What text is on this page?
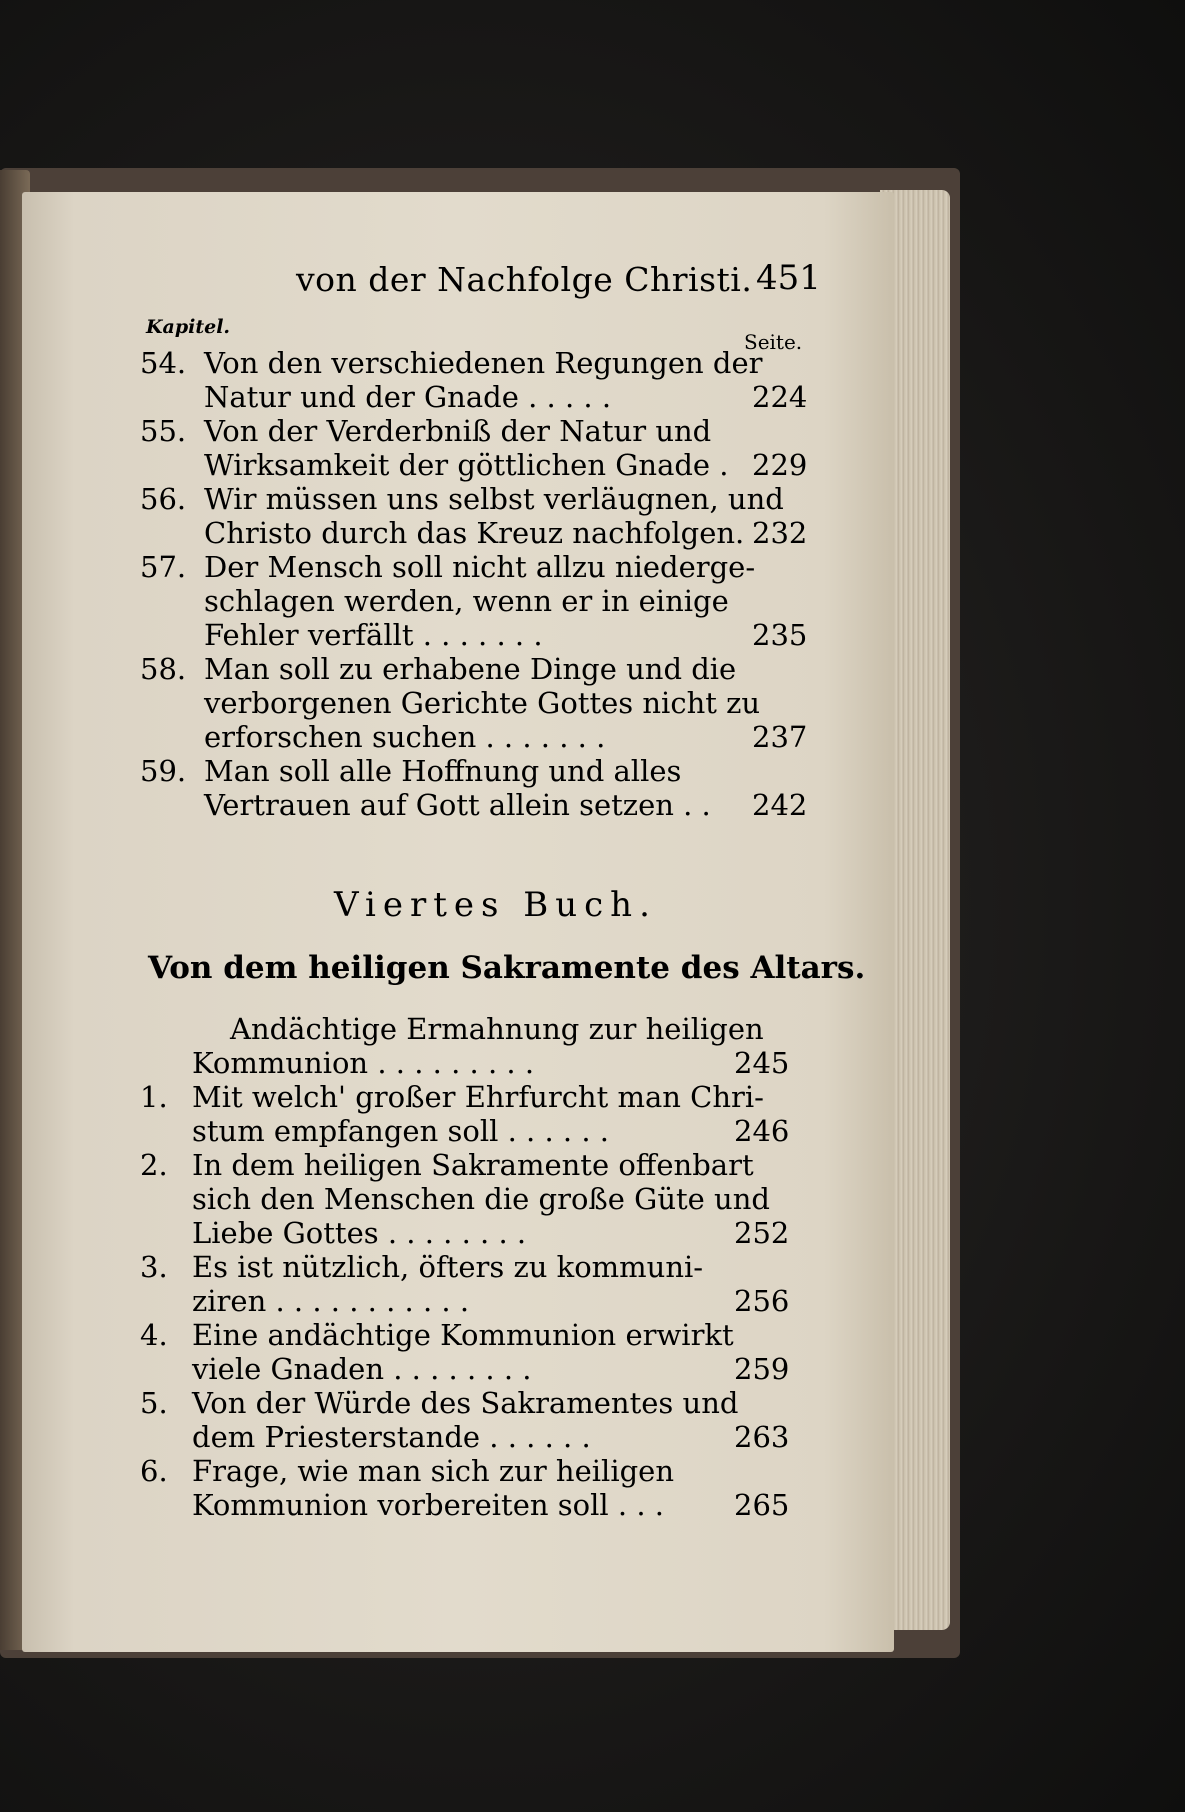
von der Nachfolge Christi. 451
Kapitel.
Seite.
54. Von den verschiedenen Regungen der
Natur und der Gnade . . . . .	224
55. Von der Verderbniß der Natur und
Wirksamkeit der göttlichen Gnade . 229
56. Wir müssen uns selbst verläugnen, und
Christo durch das Kreuz nachfolgen. 232
57. Der Mensch soll nicht allzu niederge-
schlagen werden, wenn er in einige
Fehler verfällt . . . . . . .	235
58. Man soll zu erhabene Dinge und die
verborgenen Gerichte Gottes nicht zu
erforschen suchen . . . . . . .	237
59. Man soll alle Hoffnung und alles
Vertrauen auf Gott allein setzen . .	242
Viertes Buch.
Von dem heiligen Sakramente des Altars.
Andächtige Ermahnung zur heiligen
Kommunion . . . . . . . . .	245
1. Mit welch' großer Ehrfurcht man Chri-
stum empfangen soll . . . . . .	246
2. In dem heiligen Sakramente offenbart
sich den Menschen die große Güte und
Liebe Gottes . . . . . . . .	252
3. Es ist nützlich, öfters zu kommuni-
ziren . . . . . . . . . . .	256
4. Eine andächtige Kommunion erwirkt
viele Gnaden . . . . . . . .	259
5. Von der Würde des Sakramentes und
dem Priesterstande . . . . . .	263
6. Frage, wie man sich zur heiligen
Kommunion vorbereiten soll . . .	265
